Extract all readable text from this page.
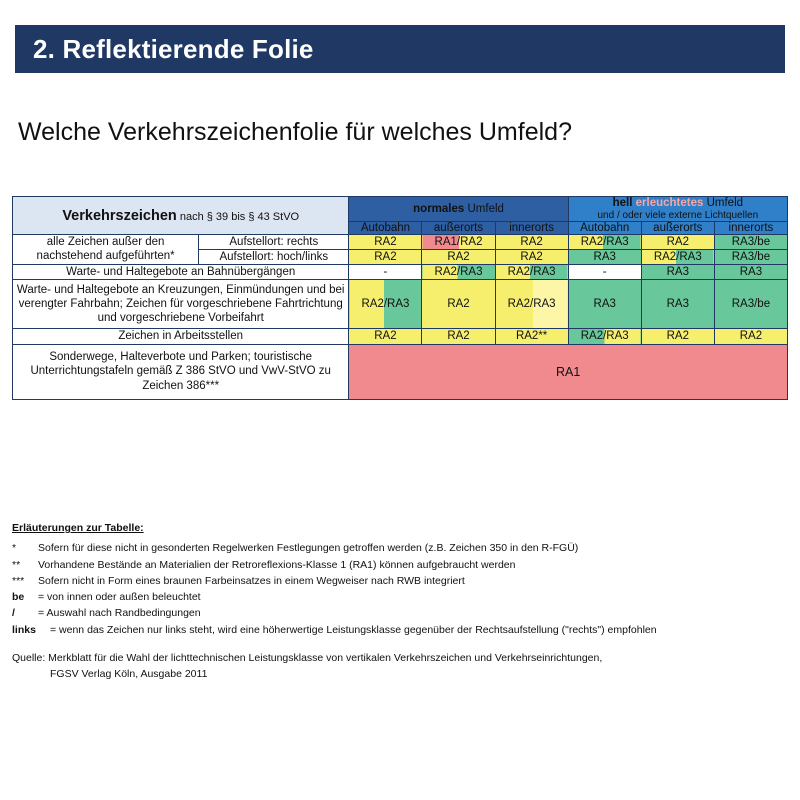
2. Reflektierende Folie
Welche Verkehrszeichenfolie für welches Umfeld?
Verkehrszeichen nach § 39 bis § 43 StVO		normales Umfeld			hell erleuchtetes Umfeld
und / oder viele externe Lichtquellen		

		Autobahn	außerorts	innerorts	Autobahn	außerorts	innerorts
alle Zeichen außer den nachstehend aufgeführten*	Aufstellort: rechts	RA2	RA1/RA2	RA2	RA2/RA3	RA2	RA3/be
	Aufstellort: hoch/links	RA2	RA2	RA2	RA3	RA2/RA3	RA3/be
Warte- und Haltegebote an Bahnübergängen		-	RA2/RA3	RA2/RA3	-	RA3	RA3
Warte- und Haltegebote an Kreuzungen, Einmündungen und bei verengter Fahrbahn; Zeichen für vorgeschriebene Fahrtrichtung und vorgeschriebene Vorbeifahrt		RA2/RA3	RA2	RA2/RA3	RA3	RA3	RA3/be
Zeichen in Arbeitsstellen		RA2	RA2	RA2**	RA2/RA3	RA2	RA2
Sonderwege, Halteverbote und Parken; touristische Unterrichtungstafeln gemäß Z 386 StVO und VwV-StVO zu Zeichen 386***		RA1					
Erläuterungen zur Tabelle:
*	Sofern für diese nicht in gesonderten Regelwerken Festlegungen getroffen werden (z.B. Zeichen 350 in den R-FGÜ)
**	Vorhandene Bestände an Materialien der Retroreflexions-Klasse 1 (RA1) können aufgebraucht werden
***	Sofern nicht in Form eines braunen Farbeinsatzes in einem Wegweiser nach RWB integriert
be	= von innen oder außen beleuchtet
/	= Auswahl nach Randbedingungen
links	= wenn das Zeichen nur links steht, wird eine höherwertige Leistungsklasse gegenüber der Rechtsaufstellung ("rechts") empfohlen
Quelle: Merkblatt für die Wahl der lichttechnischen Leistungsklasse von vertikalen Verkehrszeichen und Verkehrseinrichtungen,
FGSV Verlag Köln, Ausgabe 2011
